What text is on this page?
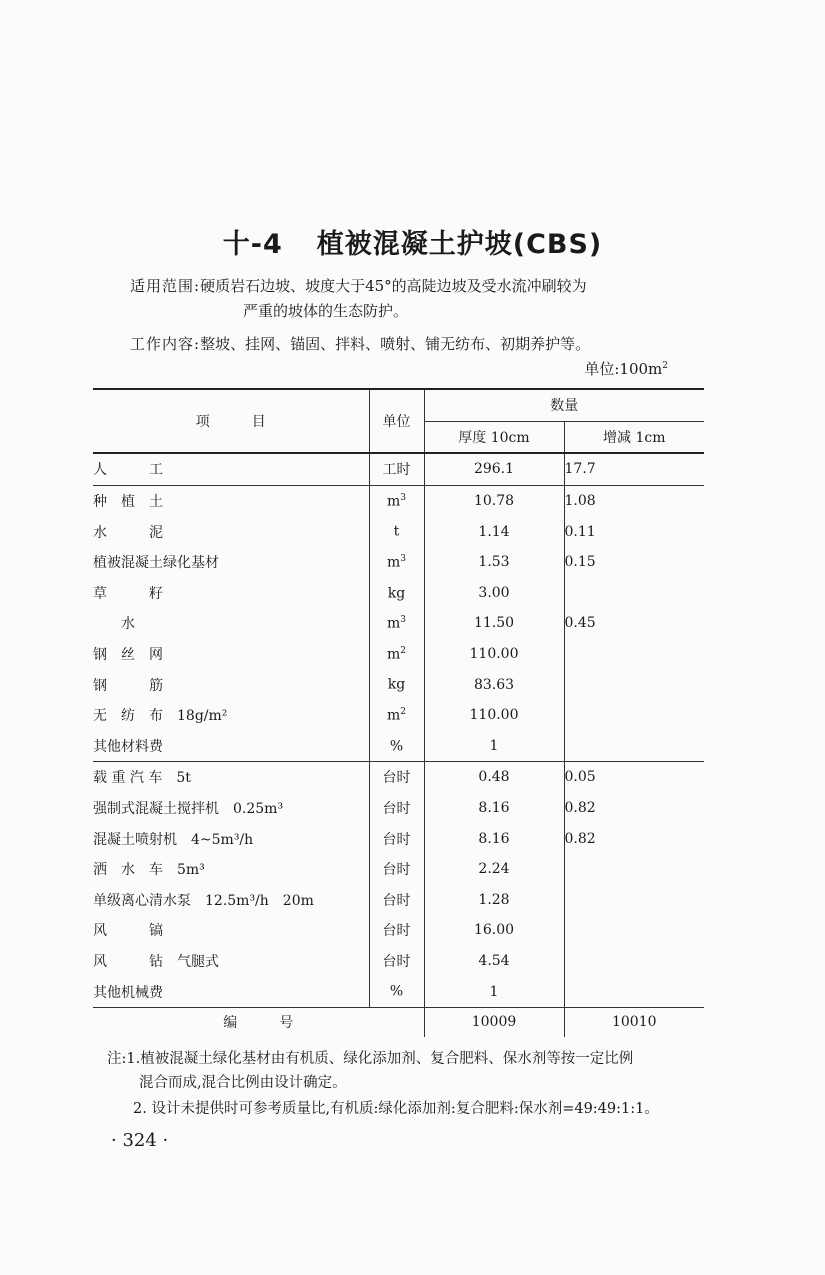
十-4 植被混凝土护坡(CBS)
适用范围:硬质岩石边坡、坡度大于45°的高陡边坡及受水流冲刷较为
严重的坡体的生态防护。
工作内容:整坡、挂网、锚固、拌料、喷射、铺无纺布、初期养护等。
单位$:100m^2$
项　　　目	单位	数量	
		厚度 10cm	增减 1cm
人　　　工	工时	296.1	17.7
种　植　土	$m^3$	10.78	1.08
水　　　泥	t	1.14	0.11
植被混凝土绿化基材	$m^3$	1.53	0.15
草　　　籽	kg	3.00	
　　水	$m^3$	11.50	0.45
钢　丝　网	$m^2$	110.00	
钢　　　筋	kg	83.63	
无　纺　布　18g/m²	$m^2$	110.00	
其他材料费	%	1	
载 重 汽 车　5t	台时	0.48	0.05
强制式混凝土搅拌机　0.25m³	台时	8.16	0.82
混凝土喷射机　4~5m³/h	台时	8.16	0.82
洒　水　车　5m³	台时	2.24	
单级离心清水泵　12.5m³/h　20m	台时	1.28	
风　　　镐	台时	16.00	
风　　　钻　气腿式	台时	4.54	
其他机械费	%	1	
编　　　号		10009	10010
注:1.植被混凝土绿化基材由有机质、绿化添加剂、复合肥料、保水剂等按一定比例
混合而成,混合比例由设计确定。
2. 设计未提供时可参考质量比,有机质:绿化添加剂:复合肥料:保水剂=49:49:1:1。
· 324 ·
